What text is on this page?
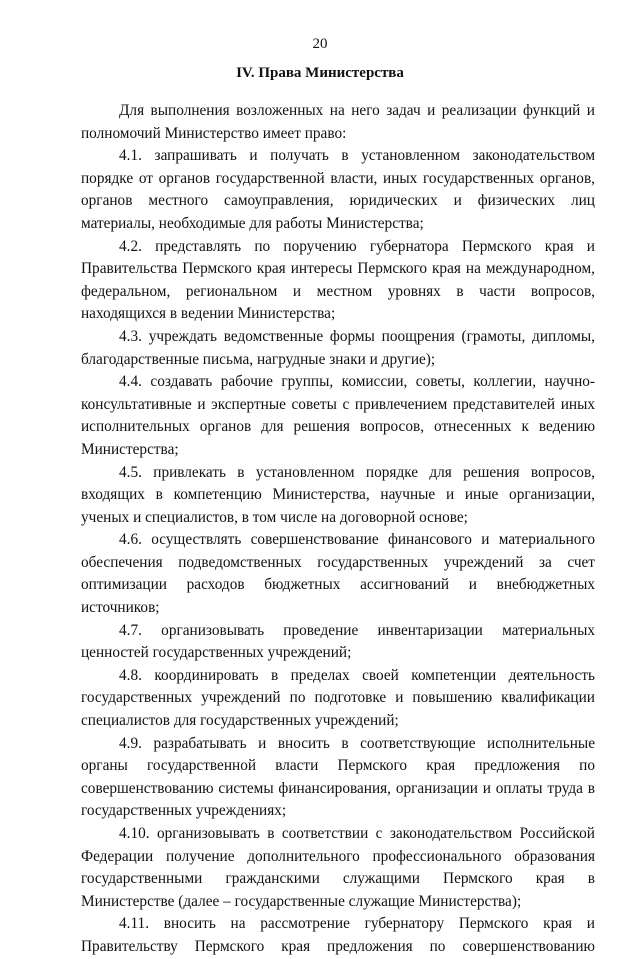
20
IV. Права Министерства

Для выполнения возложенных на него задач и реализации функций и полномочий Министерство имеет право:

4.1. запрашивать и получать в установленном законодательством порядке от органов государственной власти, иных государственных органов, органов местного самоуправления, юридических и физических лиц материалы, необходимые для работы Министерства;

4.2. представлять по поручению губернатора Пермского края и Правительства Пермского края интересы Пермского края на международном, федеральном, региональном и местном уровнях в части вопросов, находящихся в ведении Министерства;

4.3. учреждать ведомственные формы поощрения (грамоты, дипломы, благодарственные письма, нагрудные знаки и другие);

4.4. создавать рабочие группы, комиссии, советы, коллегии, научно-консультативные и экспертные советы с привлечением представителей иных исполнительных органов для решения вопросов, отнесенных к ведению Министерства;

4.5. привлекать в установленном порядке для решения вопросов, входящих в компетенцию Министерства, научные и иные организации, ученых и специалистов, в том числе на договорной основе;

4.6. осуществлять совершенствование финансового и материального обеспечения подведомственных государственных учреждений за счет оптимизации расходов бюджетных ассигнований и внебюджетных источников;

4.7. организовывать проведение инвентаризации материальных ценностей государственных учреждений;

4.8. координировать в пределах своей компетенции деятельность государственных учреждений по подготовке и повышению квалификации специалистов для государственных учреждений;

4.9. разрабатывать и вносить в соответствующие исполнительные органы государственной власти Пермского края предложения по совершенствованию системы финансирования, организации и оплаты труда в государственных учреждениях;

4.10. организовывать в соответствии с законодательством Российской Федерации получение дополнительного профессионального образования государственными гражданскими служащими Пермского края в Министерстве (далее – государственные служащие Министерства);

4.11. вносить на рассмотрение губернатору Пермского края и Правительству Пермского края предложения по совершенствованию
